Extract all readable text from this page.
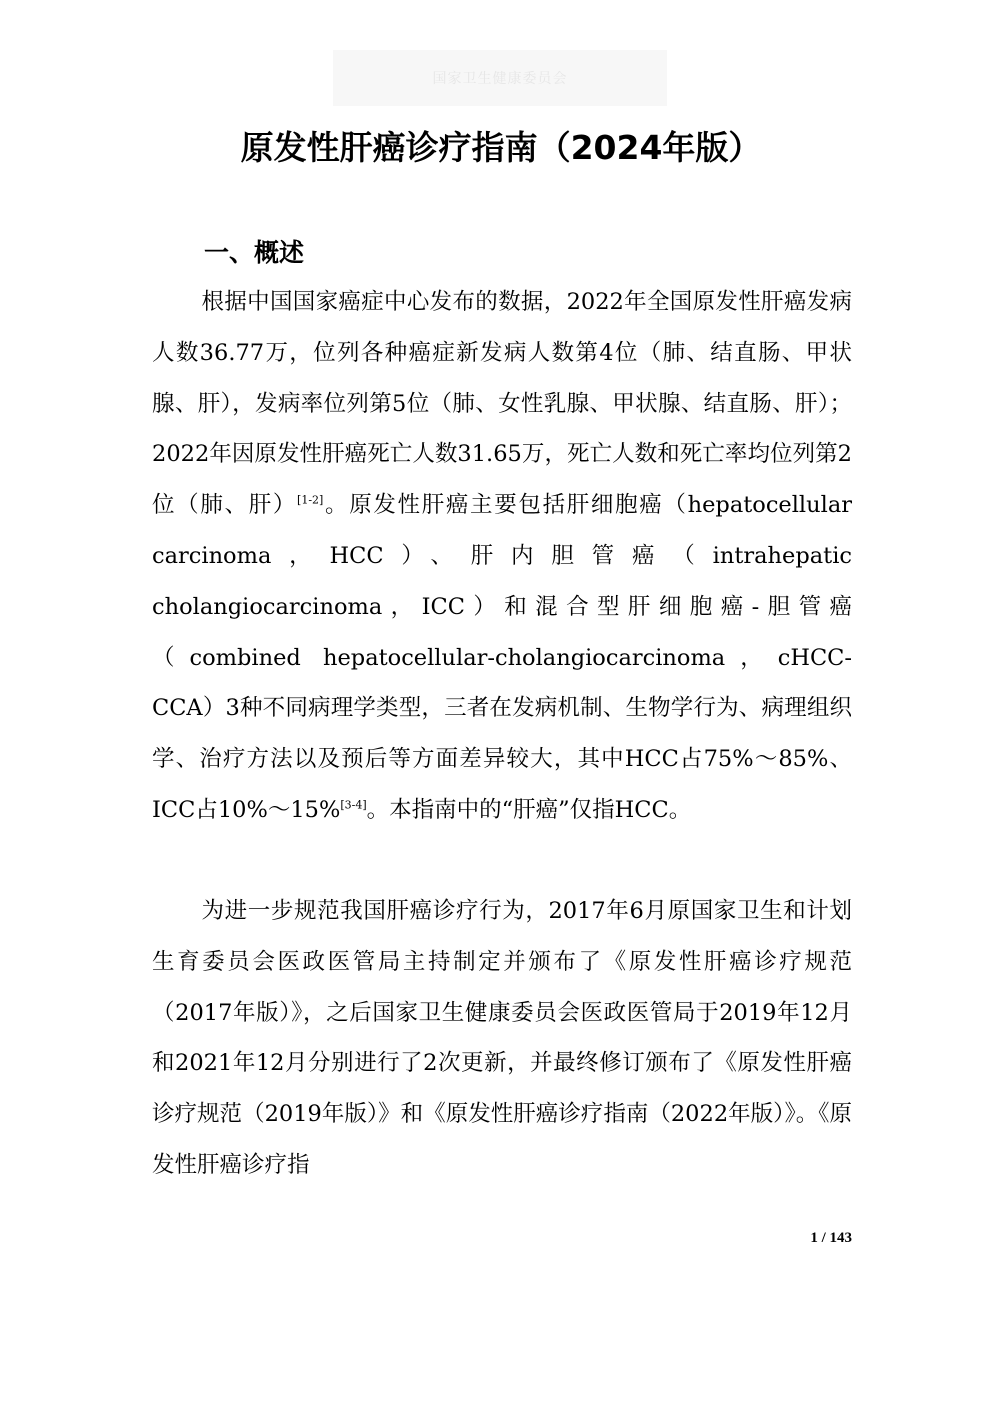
国家卫生健康委员会
原发性肝癌诊疗指南（2024年版）
一、概述

根据中国国家癌症中心发布的数据，2022年全国原发性肝癌发病人数36.77万，位列各种癌症新发病人数第4位（肺、结直肠、甲状腺、肝），发病率位列第5位（肺、女性乳腺、甲状腺、结直肠、肝）；2022年因原发性肝癌死亡人数31.65万，死亡人数和死亡率均位列第2位（肺、肝）[1-2]。原发性肝癌主要包括肝细胞癌（hepatocellular carcinoma，HCC）、肝内胆管癌（intrahepatic cholangiocarcinoma，ICC）和混合型肝细胞癌-胆管癌（combined hepatocellular-cholangiocarcinoma，cHCC-CCA）3种不同病理学类型，三者在发病机制、生物学行为、病理组织学、治疗方法以及预后等方面差异较大，其中HCC占75%～85%、ICC占10%～15%[3-4]。本指南中的“肝癌”仅指HCC。

为进一步规范我国肝癌诊疗行为，2017年6月原国家卫生和计划生育委员会医政医管局主持制定并颁布了《原发性肝癌诊疗规范（2017年版）》，之后国家卫生健康委员会医政医管局于2019年12月和2021年12月分别进行了2次更新，并最终修订颁布了《原发性肝癌诊疗规范（2019年版）》和《原发性肝癌诊疗指南（2022年版）》。《原发性肝癌诊疗指

1 / 143
